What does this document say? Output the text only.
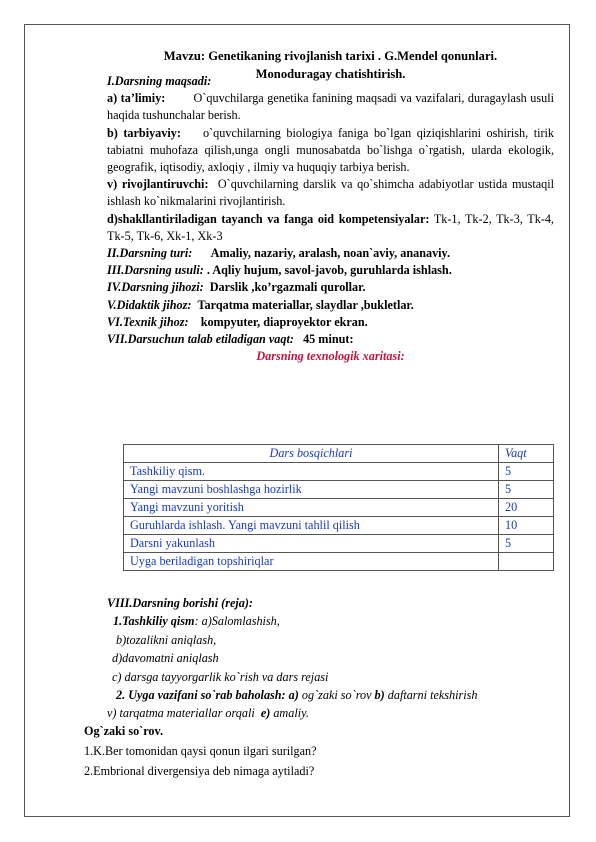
Mavzu: Genetikaning rivojlanish tarixi . G.Mendel qonunlari.

Monoduragay chatishtirish.

I.Darsning maqsadi:

a) ta’limiy: O`quvchilarga genetika fanining maqsadi va vazifalari, duragaylash usuli haqida tushunchalar berish.

b) tarbiyaviy: o`quvchilarning biologiya faniga bo`lgan qiziqishlarini oshirish, tirik tabiatni muhofaza qilish,unga ongli munosabatda bo`lishga o`rgatish, ularda ekologik, geografik, iqtisodiy, axloqiy , ilmiy va huquqiy tarbiya berish.

v) rivojlantiruvchi: O`quvchilarning darslik va qo`shimcha adabiyotlar ustida mustaqil ishlash ko`nikmalarini rivojlantirish.

d)shakllantiriladigan tayanch va fanga oid kompetensiyalar: Tk-1, Tk-2, Tk-3, Tk-4, Tk-5, Tk-6, Xk-1, Xk-3

II.Darsning turi: Amaliy, nazariy, aralash, noan`aviy, ananaviy.

III.Darsning usuli: . Aqliy hujum, savol-javob, guruhlarda ishlash.

IV.Darsning jihozi: Darslik ,ko’rgazmali qurollar.

V.Didaktik jihoz: Tarqatma materiallar, slaydlar ,bukletlar.

VI.Texnik jihoz: kompyuter, diaproyektor ekran.

VII.Darsuchun talab etiladigan vaqt: 45 minut:

Darsning texnologik xaritasi:

Dars bosqichlari	Vaqt
Tashkiliy qism.	5
Yangi mavzuni boshlashga hozirlik	5
Yangi mavzuni yoritish	20
Guruhlarda ishlash. Yangi mavzuni tahlil qilish	10
Darsni yakunlash	5
Uyga beriladigan topshiriqlar	

VIII.Darsning borishi (reja):

1.Tashkiliy qism: a)Salomlashish,

b)tozalikni aniqlash,

d)davomatni aniqlash

c) darsga tayyorgarlik ko`rish va dars rejasi

2. Uyga vazifani so`rab baholash: a) og`zaki so`rov b) daftarni tekshirish

v) tarqatma materiallar orqali e) amaliy.

Og`zaki so`rov.

1.K.Ber tomonidan qaysi qonun ilgari surilgan?

2.Embrional divergensiya deb nimaga aytiladi?
